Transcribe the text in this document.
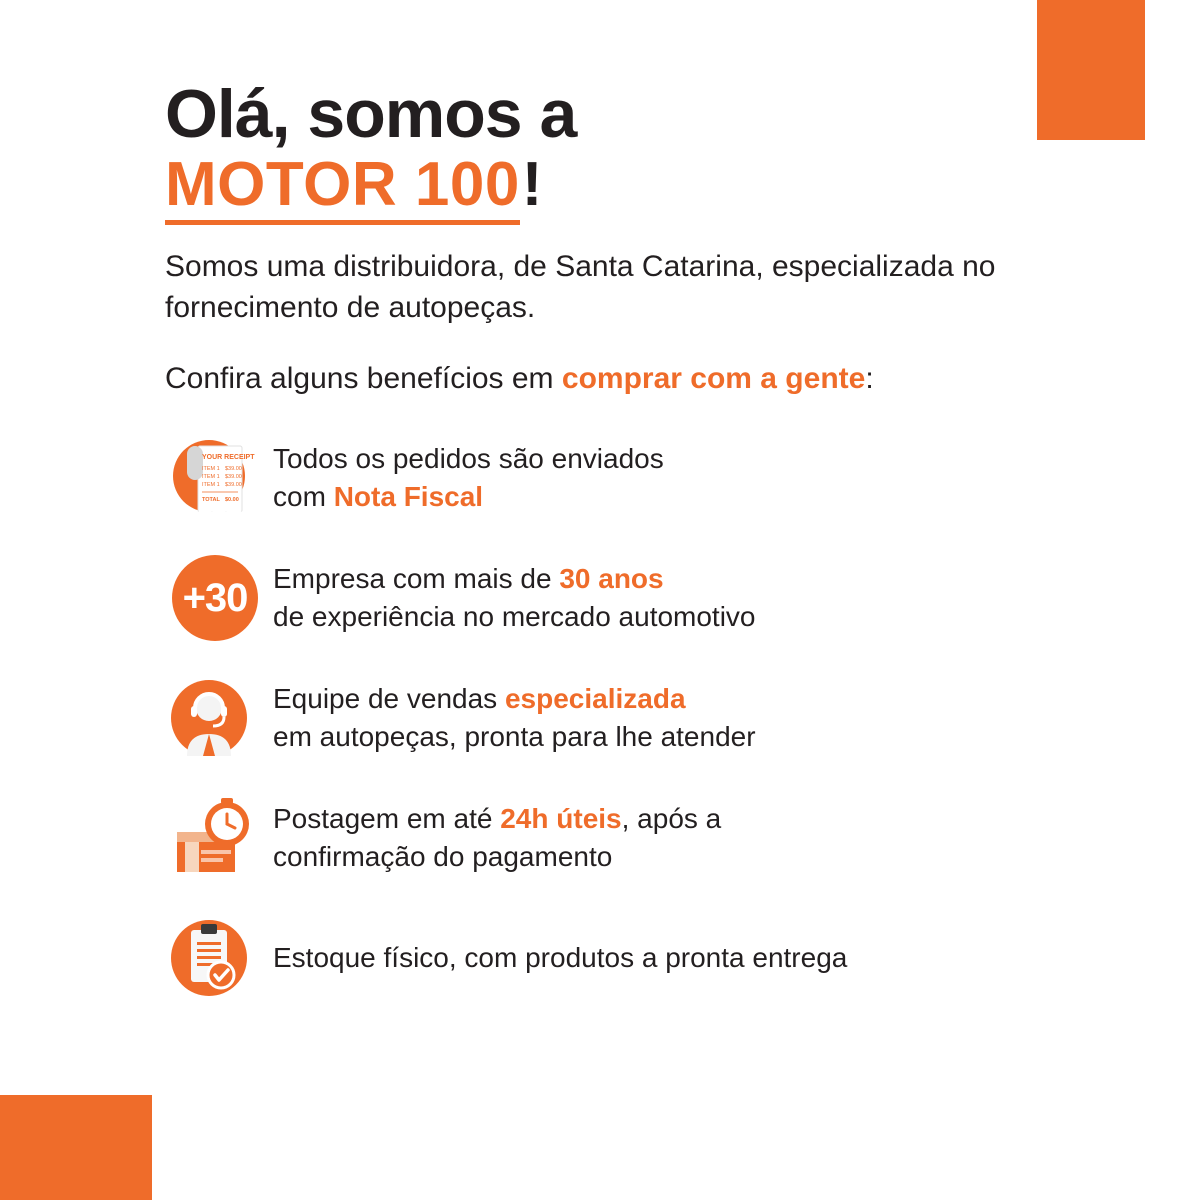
Olá, somos a
MOTOR 100 !

Somos uma distribuidora, de Santa Catarina, especializada no fornecimento de autopeças.

Confira alguns benefícios em comprar com a gente:

YOUR RECEIPT
ITEM 1 $39.00
ITEM 1 $39.00
ITEM 1 $39.00
TOTAL $0.00
Todos os pedidos são enviados
com Nota Fiscal
+30 Empresa com mais de 30 anos
de experiência no mercado automotivo
Equipe de vendas especializada
em autopeças, pronta para lhe atender
Postagem em até 24h úteis, após a
confirmação do pagamento
Estoque físico, com produtos a pronta entrega
